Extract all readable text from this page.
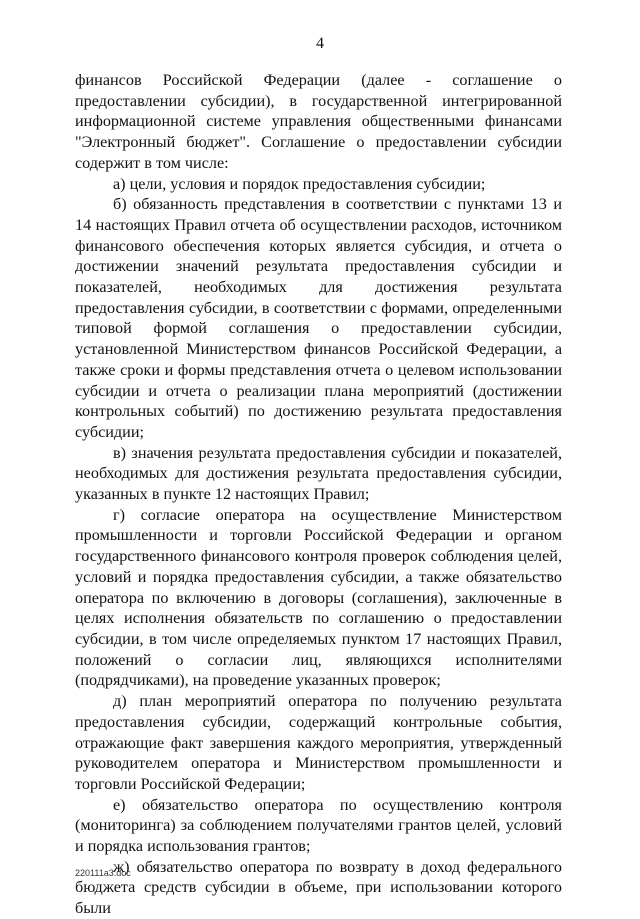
4

финансов Российской Федерации (далее - соглашение о предоставлении субсидии), в государственной интегрированной информационной системе управления общественными финансами "Электронный бюджет". Соглашение о предоставлении субсидии содержит в том числе:

а) цели, условия и порядок предоставления субсидии;

б) обязанность представления в соответствии с пунктами 13 и 14 настоящих Правил отчета об осуществлении расходов, источником финансового обеспечения которых является субсидия, и отчета о достижении значений результата предоставления субсидии и показателей, необходимых для достижения результата предоставления субсидии, в соответствии с формами, определенными типовой формой соглашения о предоставлении субсидии, установленной Министерством финансов Российской Федерации, а также сроки и формы представления отчета о целевом использовании субсидии и отчета о реализации плана мероприятий (достижении контрольных событий) по достижению результата предоставления субсидии;

в) значения результата предоставления субсидии и показателей, необходимых для достижения результата предоставления субсидии, указанных в пункте 12 настоящих Правил;

г) согласие оператора на осуществление Министерством промышленности и торговли Российской Федерации и органом государственного финансового контроля проверок соблюдения целей, условий и порядка предоставления субсидии, а также обязательство оператора по включению в договоры (соглашения), заключенные в целях исполнения обязательств по соглашению о предоставлении субсидии, в том числе определяемых пунктом 17 настоящих Правил, положений о согласии лиц, являющихся исполнителями (подрядчиками), на проведение указанных проверок;

д) план мероприятий оператора по получению результата предоставления субсидии, содержащий контрольные события, отражающие факт завершения каждого мероприятия, утвержденный руководителем оператора и Министерством промышленности и торговли Российской Федерации;

е) обязательство оператора по осуществлению контроля (мониторинга) за соблюдением получателями грантов целей, условий и порядка использования грантов;

ж) обязательство оператора по возврату в доход федерального бюджета средств субсидии в объеме, при использовании которого были

220111a3.doc
